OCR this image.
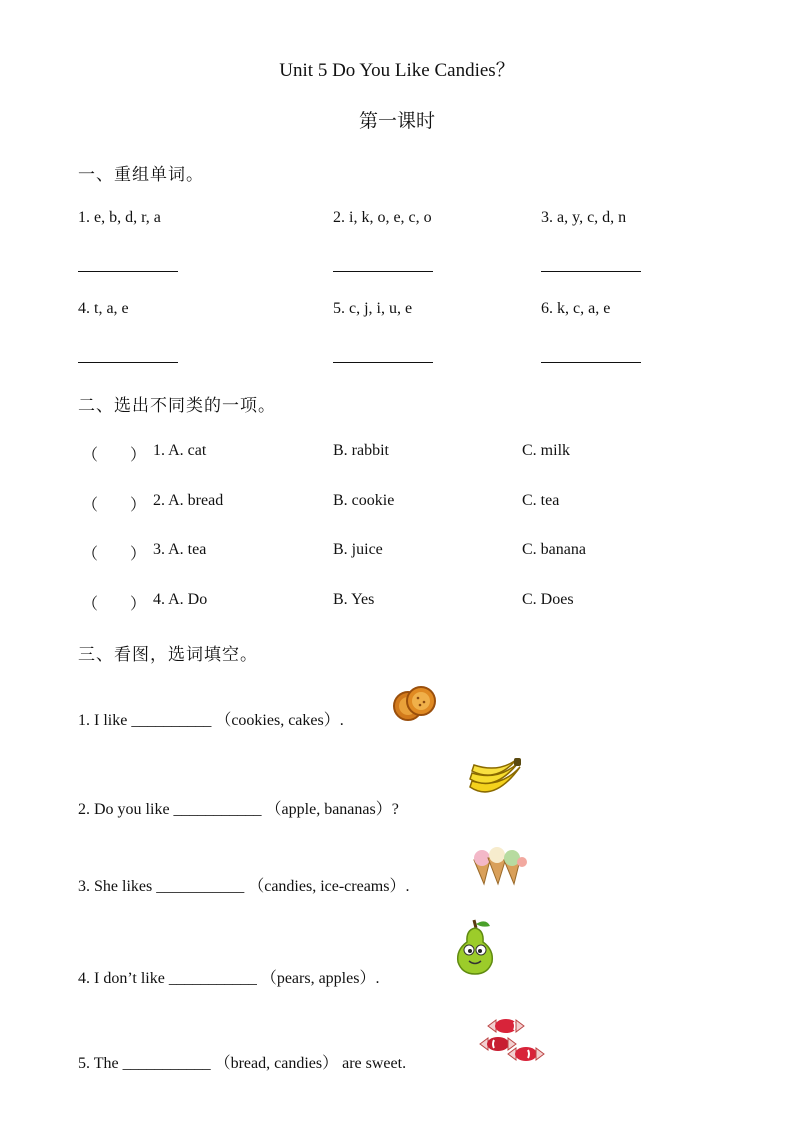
Unit 5 Do You Like Candies？
第一课时
一、重组单词。
1. e, b, d, r, a	2. i, k, o, e, c, o	3. a, y, c, d, n
4. t, a, e	5. c, j, i, u, e	6. k, c, a, e
二、选出不同类的一项。
（　　） 1. A. cat	B. rabbit	C. milk
（　　） 2. A. bread	B. cookie	C. tea
（　　） 3. A. tea	B. juice	C. banana
（　　） 4. A. Do	B. Yes	C. Does
三、看图，选词填空。
1. I like __________ （cookies, cakes）.
2. Do you like ___________ （apple, bananas）?
3. She likes ___________ （candies, ice-creams）.
4. I don’t like ___________ （pears, apples）.
5. The ___________ （bread, candies） are sweet.
